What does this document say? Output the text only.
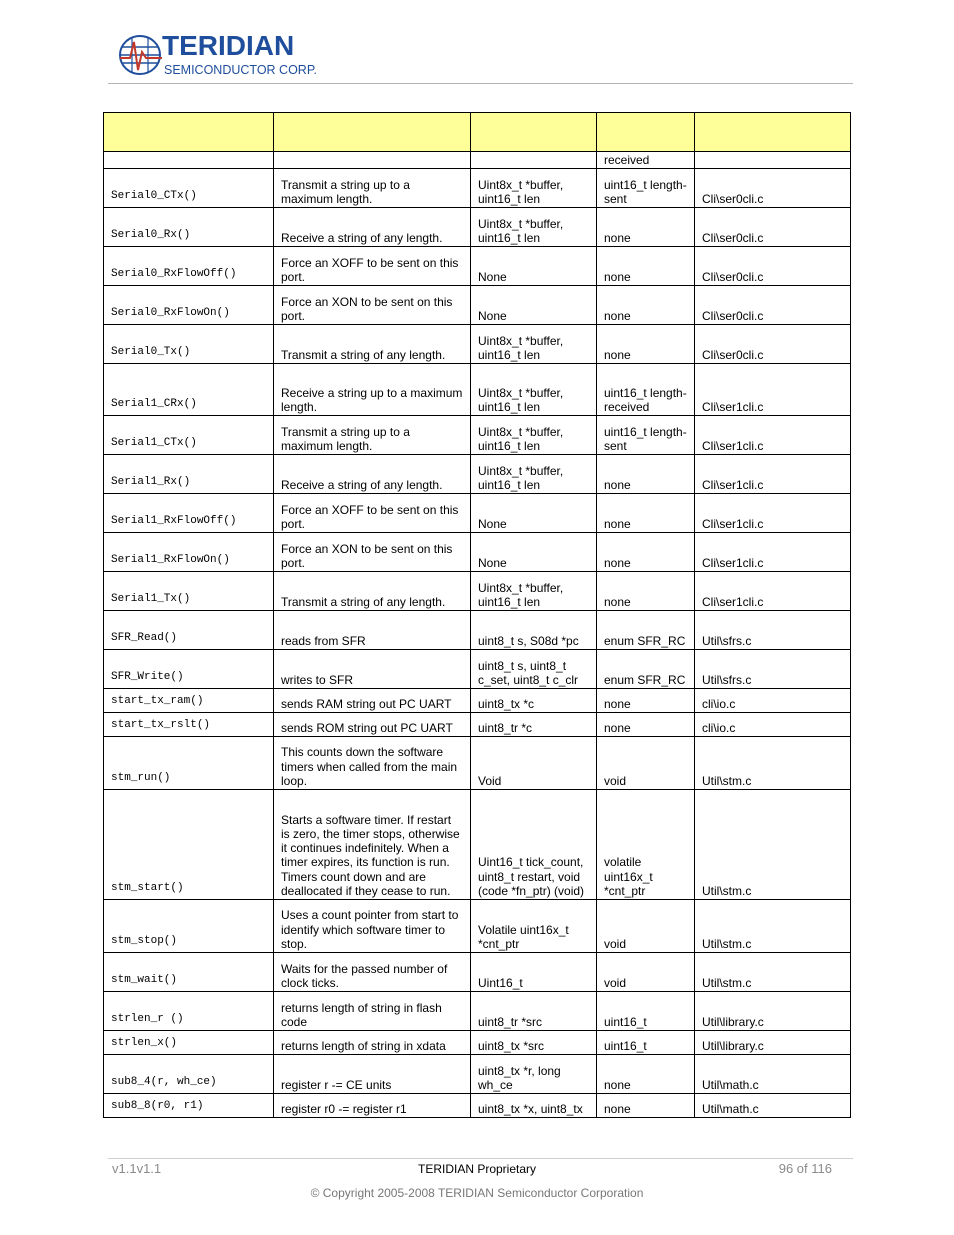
TERIDIAN
SEMICONDUCTOR CORP.

			received	
Serial0_CTx()	Transmit a string up to a maximum length.	Uint8x_t *buffer, uint16_t len	uint16_t length-sent	Cli\ser0cli.c
Serial0_Rx()	Receive a string of any length.	Uint8x_t *buffer, uint16_t len	none	Cli\ser0cli.c
Serial0_RxFlowOff()	Force an XOFF to be sent on this port.	None	none	Cli\ser0cli.c
Serial0_RxFlowOn()	Force an XON to be sent on this port.	None	none	Cli\ser0cli.c
Serial0_Tx()	Transmit a string of any length.	Uint8x_t *buffer, uint16_t len	none	Cli\ser0cli.c
Serial1_CRx()	Receive a string up to a maximum length.	Uint8x_t *buffer, uint16_t len	uint16_t length-received	Cli\ser1cli.c
Serial1_CTx()	Transmit a string up to a maximum length.	Uint8x_t *buffer, uint16_t len	uint16_t length-sent	Cli\ser1cli.c
Serial1_Rx()	Receive a string of any length.	Uint8x_t *buffer, uint16_t len	none	Cli\ser1cli.c
Serial1_RxFlowOff()	Force an XOFF to be sent on this port.	None	none	Cli\ser1cli.c
Serial1_RxFlowOn()	Force an XON to be sent on this port.	None	none	Cli\ser1cli.c
Serial1_Tx()	Transmit a string of any length.	Uint8x_t *buffer, uint16_t len	none	Cli\ser1cli.c
SFR_Read()	reads from SFR	uint8_t s, S08d *pc	enum SFR_RC	Util\sfrs.c
SFR_Write()	writes to SFR	uint8_t s, uint8_t c_set, uint8_t c_clr	enum SFR_RC	Util\sfrs.c
start_tx_ram()	sends RAM string out PC UART	uint8_tx *c	none	cli\io.c
start_tx_rslt()	sends ROM string out PC UART	uint8_tr *c	none	cli\io.c
stm_run()	This counts down the software timers when called from the main loop.	Void	void	Util\stm.c
stm_start()	Starts a software timer. If restart is zero, the timer stops, otherwise it continues indefinitely. When a timer expires, its function is run. Timers count down and are deallocated if they cease to run.	Uint16_t tick_count, uint8_t restart, void (code *fn_ptr) (void)	volatile uint16x_t *cnt_ptr	Util\stm.c
stm_stop()	Uses a count pointer from start to identify which software timer to stop.	Volatile uint16x_t *cnt_ptr	void	Util\stm.c
stm_wait()	Waits for the passed number of clock ticks.	Uint16_t	void	Util\stm.c
strlen_r ()	returns length of string in flash code	uint8_tr *src	uint16_t	Util\library.c
strlen_x()	returns length of string in xdata	uint8_tx *src	uint16_t	Util\library.c
sub8_4(r, wh_ce)	register r -= CE units	uint8_tx *r, long wh_ce	none	Util\math.c
sub8_8(r0, r1)	register r0 -= register r1	uint8_tx *x, uint8_tx	none	Util\math.c
v1.1v1.1	TERIDIAN Proprietary	96 of 116
© Copyright 2005-2008 TERIDIAN Semiconductor Corporation
